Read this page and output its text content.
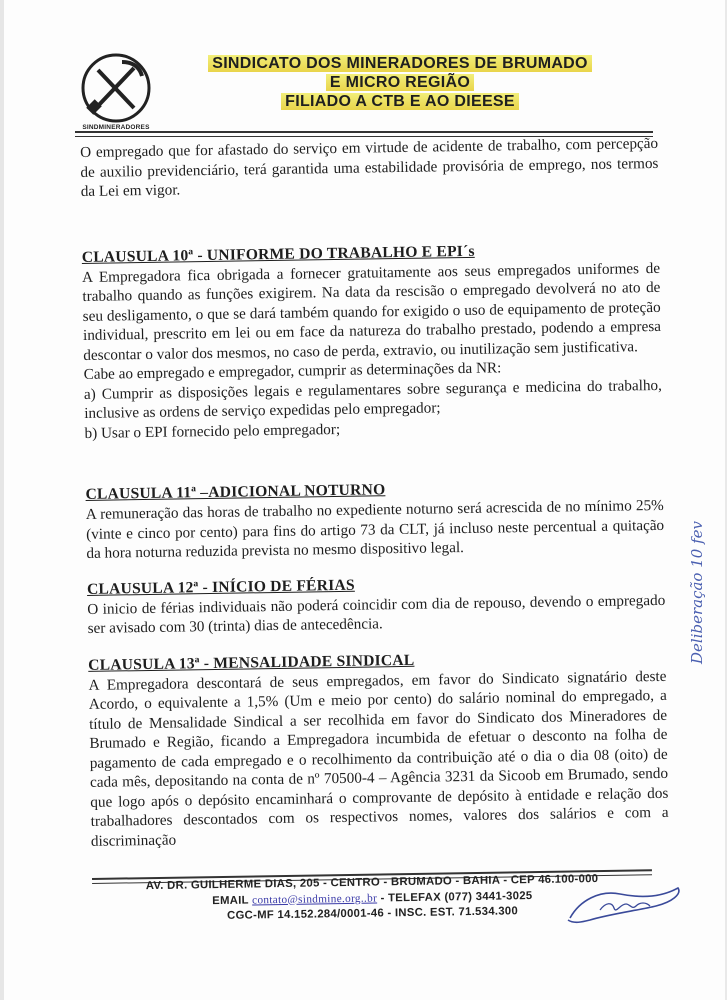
SINDMINERADORES
SINDICATO DOS MINERADORES DE BRUMADO
E MICRO REGIÃO
FILIADO A CTB E AO DIEESE

O empregado que for afastado do serviço em virtude de acidente de trabalho, com percepção de auxilio previdenciário, terá garantida uma estabilidade provisória de emprego, nos termos da Lei em vigor.

CLAUSULA 10ª - UNIFORME DO TRABALHO E EPI´s

A Empregadora fica obrigada a fornecer gratuitamente aos seus empregados uniformes de trabalho quando as funções exigirem. Na data da rescisão o empregado devolverá no ato de seu desligamento, o que se dará também quando for exigido o uso de equipamento de proteção individual, prescrito em lei ou em face da natureza do trabalho prestado, podendo a empresa descontar o valor dos mesmos, no caso de perda, extravio, ou inutilização sem justificativa.

Cabe ao empregado e empregador, cumprir as determinações da NR:

a) Cumprir as disposições legais e regulamentares sobre segurança e medicina do trabalho, inclusive as ordens de serviço expedidas pelo empregador;

b) Usar o EPI fornecido pelo empregador;

CLAUSULA 11ª –ADICIONAL NOTURNO

A remuneração das horas de trabalho no expediente noturno será acrescida de no mínimo 25% (vinte e cinco por cento) para fins do artigo 73 da CLT, já incluso neste percentual a quitação da hora noturna reduzida prevista no mesmo dispositivo legal.

CLAUSULA 12ª - INÍCIO DE FÉRIAS

O inicio de férias individuais não poderá coincidir com dia de repouso, devendo o empregado ser avisado com 30 (trinta) dias de antecedência.

CLAUSULA 13ª - MENSALIDADE SINDICAL

A Empregadora descontará de seus empregados, em favor do Sindicato signatário deste Acordo, o equivalente a 1,5% (Um e meio por cento) do salário nominal do empregado, a título de Mensalidade Sindical a ser recolhida em favor do Sindicato dos Mineradores de Brumado e Região, ficando a Empregadora incumbida de efetuar o desconto na folha de pagamento de cada empregado e o recolhimento da contribuição até o dia o dia 08 (oito) de cada mês, depositando na conta de nº 70500-4 – Agência 3231 da Sicoob em Brumado, sendo que logo após o depósito encaminhará o comprovante de depósito à entidade e relação dos trabalhadores descontados com os respectivos nomes, valores dos salários e com a discriminação

Deliberação 10 fev
AV. DR. GUILHERME DIAS, 205 - CENTRO - BRUMADO - BAHIA - CEP 46.100-000
EMAIL contato@sindmine.org..br - TELEFAX (077) 3441-3025
CGC-MF 14.152.284/0001-46 - INSC. EST. 71.534.300
